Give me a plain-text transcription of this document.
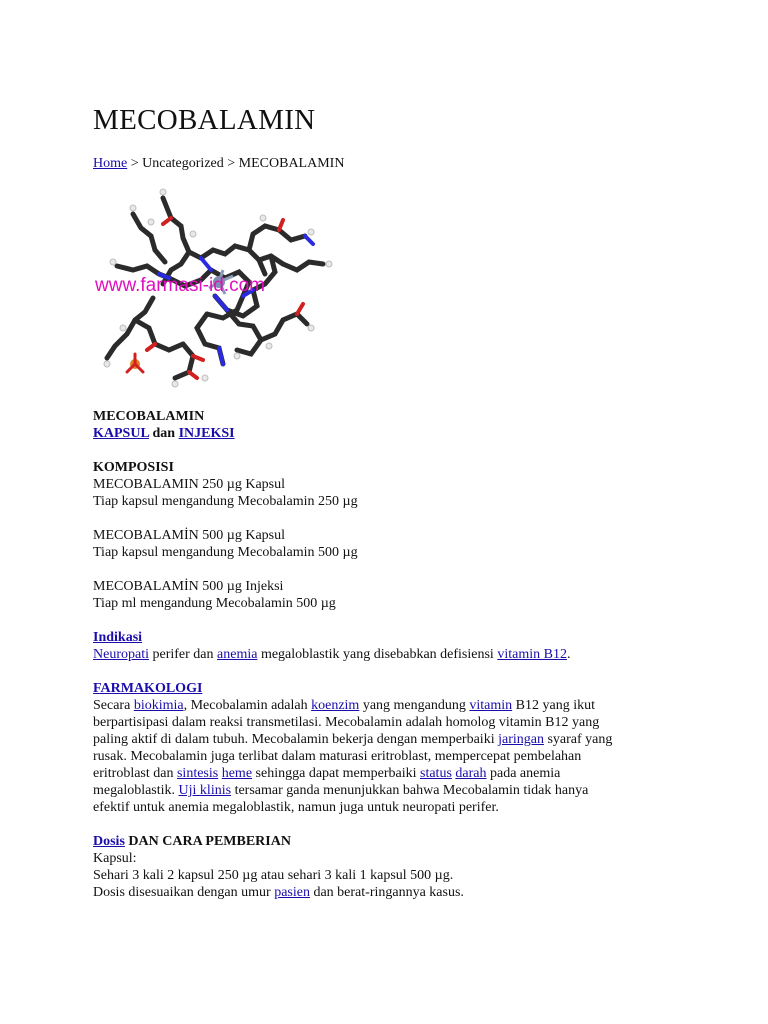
MECOBALAMIN
Home > Uncategorized > MECOBALAMIN
www.farmasi-id.com

MECOBALAMIN

KAPSUL dan INJEKSI

KOMPOSISI

MECOBALAMIN 250 µg Kapsul

Tiap kapsul mengandung Mecobalamin 250 µg

MECOBALAMİN 500 µg Kapsul

Tiap kapsul mengandung Mecobalamin 500 µg

MECOBALAMİN 500 µg Injeksi

Tiap ml mengandung Mecobalamin 500 µg

Indikasi

Neuropati perifer dan anemia megaloblastik yang disebabkan defisiensi vitamin B12.

FARMAKOLOGI

Secara biokimia, Mecobalamin adalah koenzim yang mengandung vitamin B12 yang ikut

berpartisipasi dalam reaksi transmetilasi. Mecobalamin adalah homolog vitamin B12 yang

paling aktif di dalam tubuh. Mecobalamin bekerja dengan memperbaiki jaringan syaraf yang

rusak. Mecobalamin juga terlibat dalam maturasi eritroblast, mempercepat pembelahan

eritroblast dan sintesis heme sehingga dapat memperbaiki status darah pada anemia

megaloblastik. Uji klinis tersamar ganda menunjukkan bahwa Mecobalamin tidak hanya

efektif untuk anemia megaloblastik, namun juga untuk neuropati perifer.

Dosis DAN CARA PEMBERIAN

Kapsul:

Sehari 3 kali 2 kapsul 250 µg atau sehari 3 kali 1 kapsul 500 µg.

Dosis disesuaikan dengan umur pasien dan berat-ringannya kasus.
